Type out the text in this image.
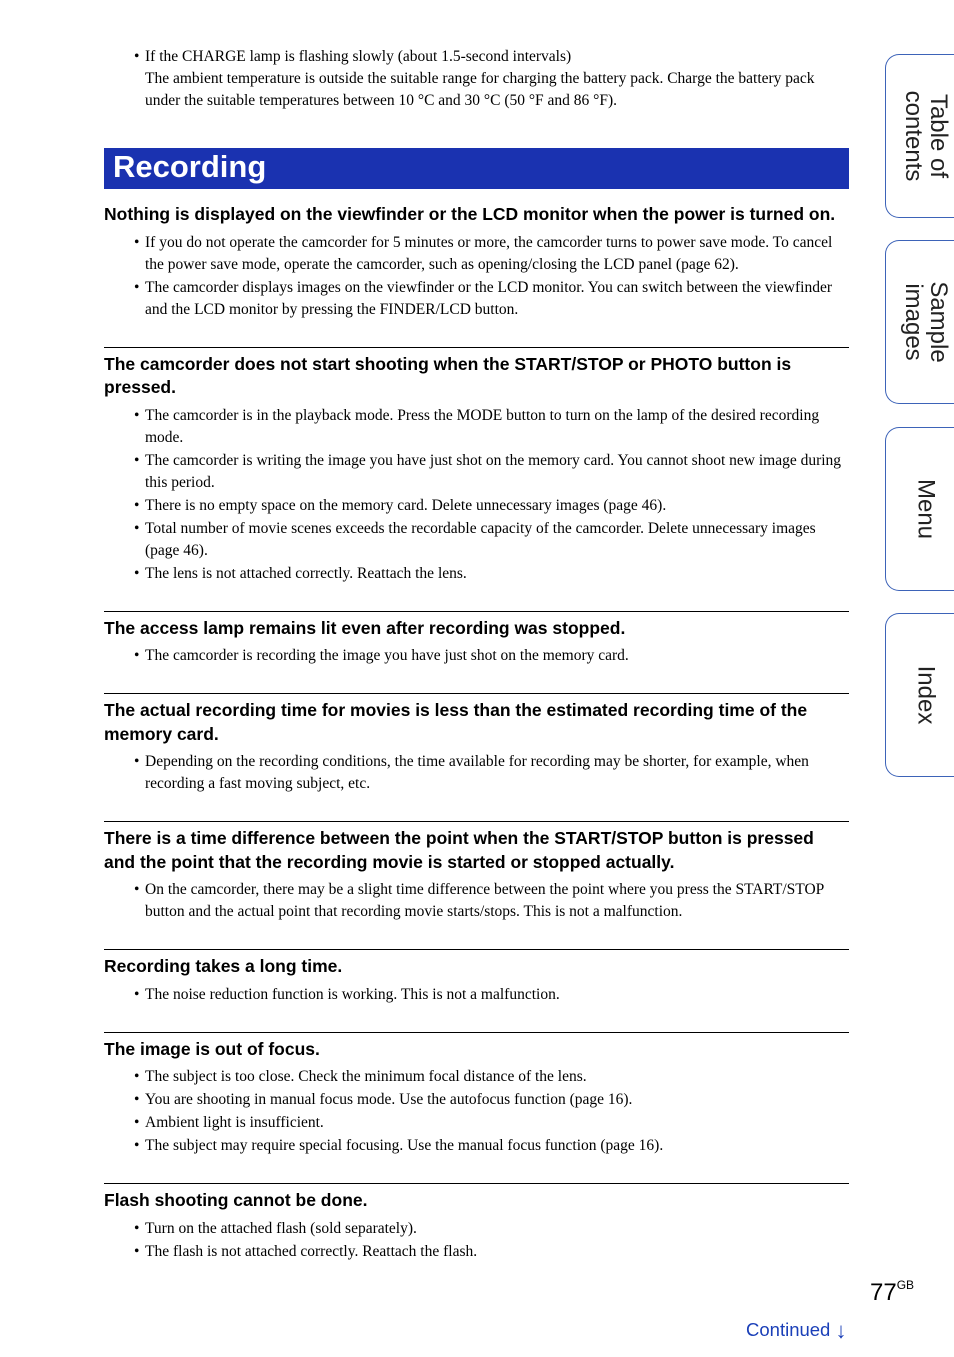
• If the CHARGE lamp is flashing slowly (about 1.5-second intervals)
The ambient temperature is outside the suitable range for charging the battery pack. Charge the battery pack under the suitable temperatures between 10 °C and 30 °C (50 °F and 86 °F).
Recording
Nothing is displayed on the viewfinder or the LCD monitor when the power is turned on.
• If you do not operate the camcorder for 5 minutes or more, the camcorder turns to power save mode. To cancel the power save mode, operate the camcorder, such as opening/closing the LCD panel (page 62).
• The camcorder displays images on the viewfinder or the LCD monitor. You can switch between the viewfinder and the LCD monitor by pressing the FINDER/LCD button.
The camcorder does not start shooting when the START/STOP or PHOTO button is pressed.
• The camcorder is in the playback mode. Press the MODE button to turn on the lamp of the desired recording mode.
• The camcorder is writing the image you have just shot on the memory card. You cannot shoot new image during this period.
• There is no empty space on the memory card. Delete unnecessary images (page 46).
• Total number of movie scenes exceeds the recordable capacity of the camcorder. Delete unnecessary images (page 46).
• The lens is not attached correctly. Reattach the lens.
The access lamp remains lit even after recording was stopped.
• The camcorder is recording the image you have just shot on the memory card.
The actual recording time for movies is less than the estimated recording time of the memory card.
• Depending on the recording conditions, the time available for recording may be shorter, for example, when recording a fast moving subject, etc.
There is a time difference between the point when the START/STOP button is pressed and the point that the recording movie is started or stopped actually.
• On the camcorder, there may be a slight time difference between the point where you press the START/STOP button and the actual point that recording movie starts/stops. This is not a malfunction.
Recording takes a long time.
• The noise reduction function is working. This is not a malfunction.
The image is out of focus.
• The subject is too close. Check the minimum focal distance of the lens.
• You are shooting in manual focus mode. Use the autofocus function (page 16).
• Ambient light is insufficient.
• The subject may require special focusing. Use the manual focus function (page 16).
Flash shooting cannot be done.
• Turn on the attached flash (sold separately).
• The flash is not attached correctly. Reattach the flash.
Table of
contents
Sample
images
Menu
Index
$77^{GB}$
Continued ↓
